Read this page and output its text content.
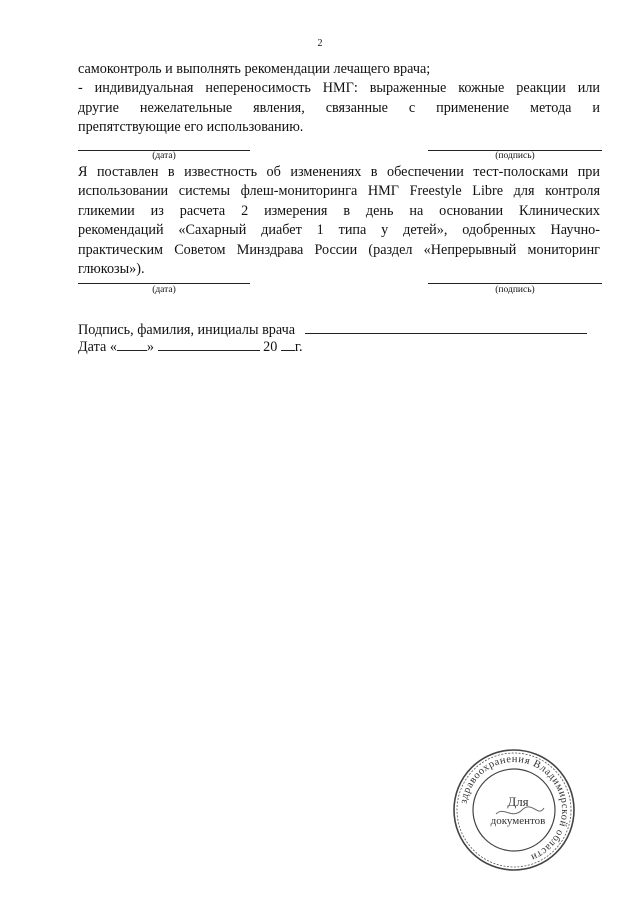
2
самоконтроль и выполнять рекомендации лечащего врача;
- индивидуальная непереносимость НМГ: выраженные кожные реакции или
другие нежелательные явления, связанные с применение метода и
препятствующие его использованию.
(дата)	(подпись)
Я поставлен в известность об изменениях в обеспечении тест-полосками при
использовании системы флеш-мониторинга НМГ Freestyle Libre для контроля
гликемии из расчета 2 измерения в день на основании Клинических
рекомендаций «Сахарный диабет 1 типа у детей», одобренных Научно-
практическим Советом Минздрава России (раздел «Непрерывный мониторинг
глюкозы»).
(дата)	(подпись)
Подпись, фамилия, инициалы врача
Дата « »	20 г.
здравоохранения Владимирской области
Для
документов
